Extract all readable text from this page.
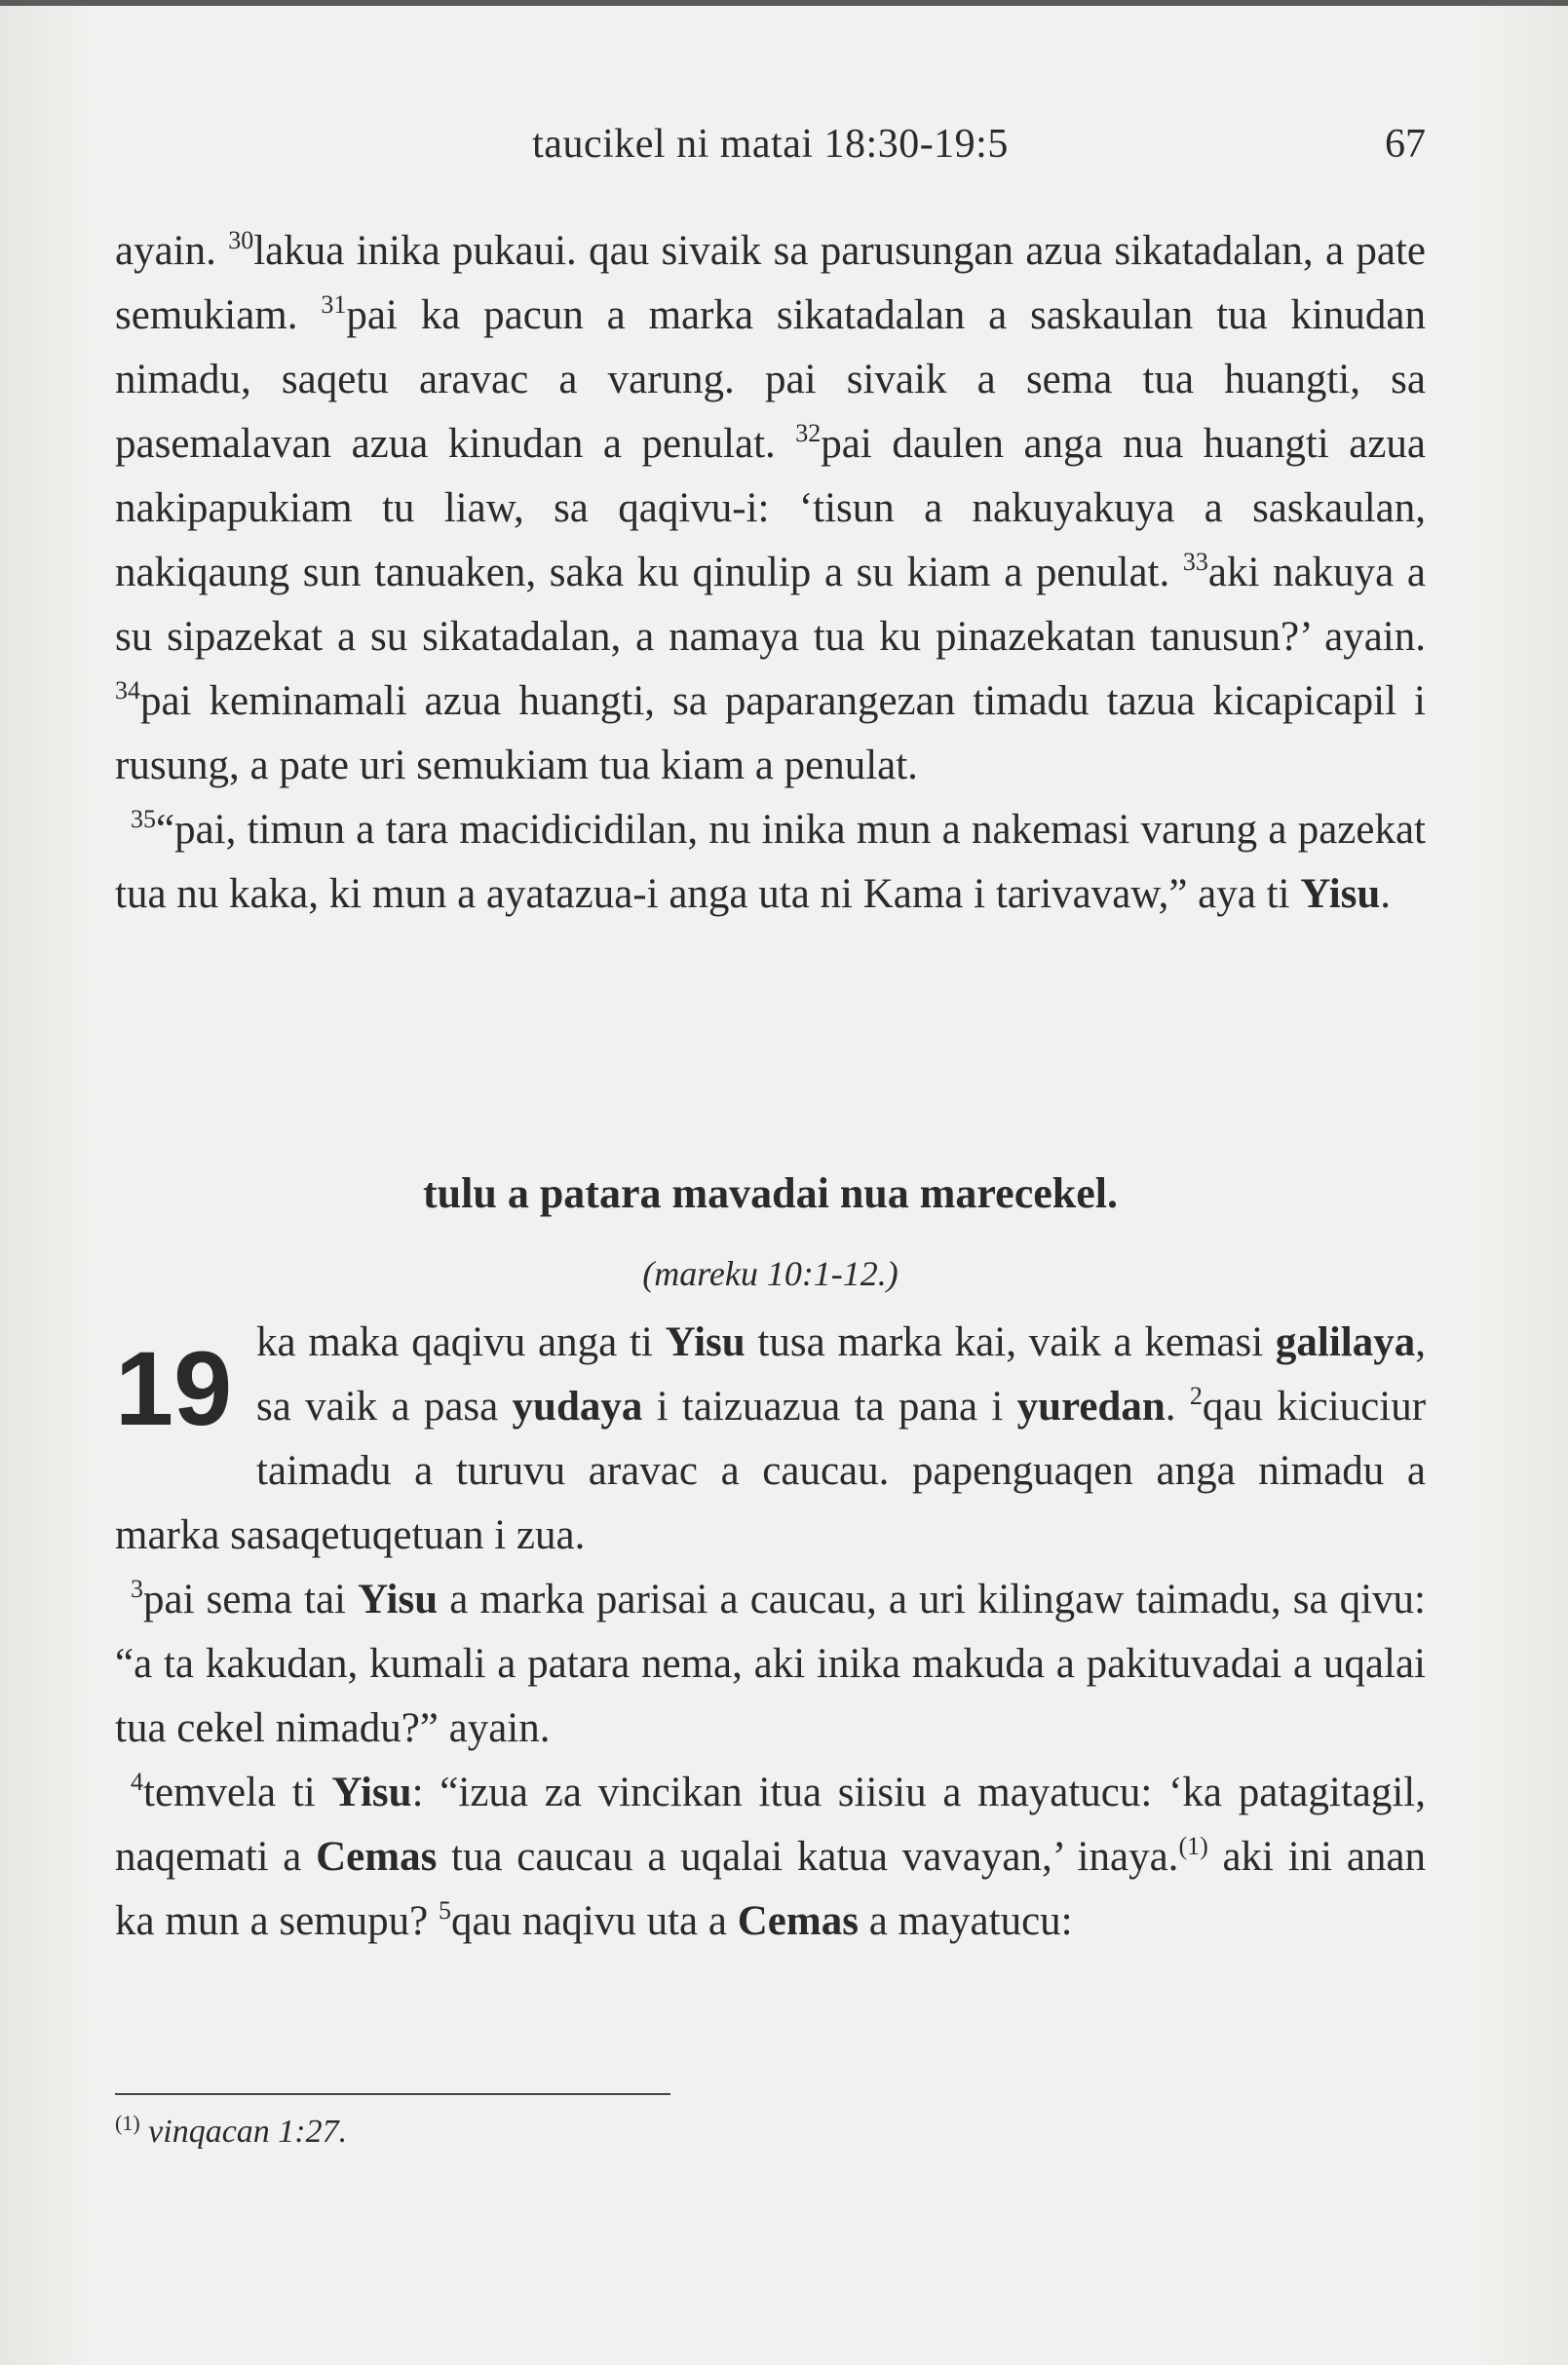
taucikel ni matai 18:30-19:5	67

ayain. $^{30}$lakua inika pukaui. qau sivaik sa parusungan azua sikatadalan, a pate semukiam. $^{31}$pai ka pacun a marka sikatadalan a saskaulan tua kinudan nimadu, saqetu aravac a varung. pai sivaik a sema tua huangti, sa pasemalavan azua kinudan a penulat. $^{32}$pai daulen anga nua huangti azua nakipapukiam tu liaw, sa qaqivu-i: ‘tisun a nakuyakuya a saskaulan, nakiqaung sun tanuaken, saka ku qinulip a su kiam a penulat. $^{33}$aki nakuya a su sipazekat a su sikatadalan, a namaya tua ku pinazekatan tanusun?’ ayain. $^{34}$pai keminamali azua huangti, sa paparangezan timadu tazua kicapicapil i rusung, a pate uri semukiam tua kiam a penulat.

$^{35}$“pai, timun a tara macidicidilan, nu inika mun a nakemasi varung a pazekat tua nu kaka, ki mun a ayatazua-i anga uta ni Kama i tarivavaw,” aya ti Yisu.

tulu a patara mavadai nua marecekel.
(mareku 10:1-12.)
19 ka maka qaqivu anga ti Yisu tusa marka kai, vaik a kemasi galilaya, sa vaik a pasa yudaya i taizuazua ta pana i yuredan. $^2$qau kiciuciur taimadu a turuvu aravac a caucau. papenguaqen anga nimadu a marka sasaqetuqetuan i zua.

$^3$pai sema tai Yisu a marka parisai a caucau, a uri kilingaw taimadu, sa qivu: “a ta kakudan, kumali a patara nema, aki inika makuda a pakituvadai a uqalai tua cekel nimadu?” ayain.

$^4$temvela ti Yisu: “izua za vincikan itua siisiu a mayatucu: ‘ka patagitagil, naqemati a Cemas tua caucau a uqalai katua vavayan,’ inaya.$^{(1)}$ aki ini anan ka mun a semupu? $^5$qau naqivu uta a Cemas a mayatucu:

$^{(1)}$ vinqacan 1:27.
